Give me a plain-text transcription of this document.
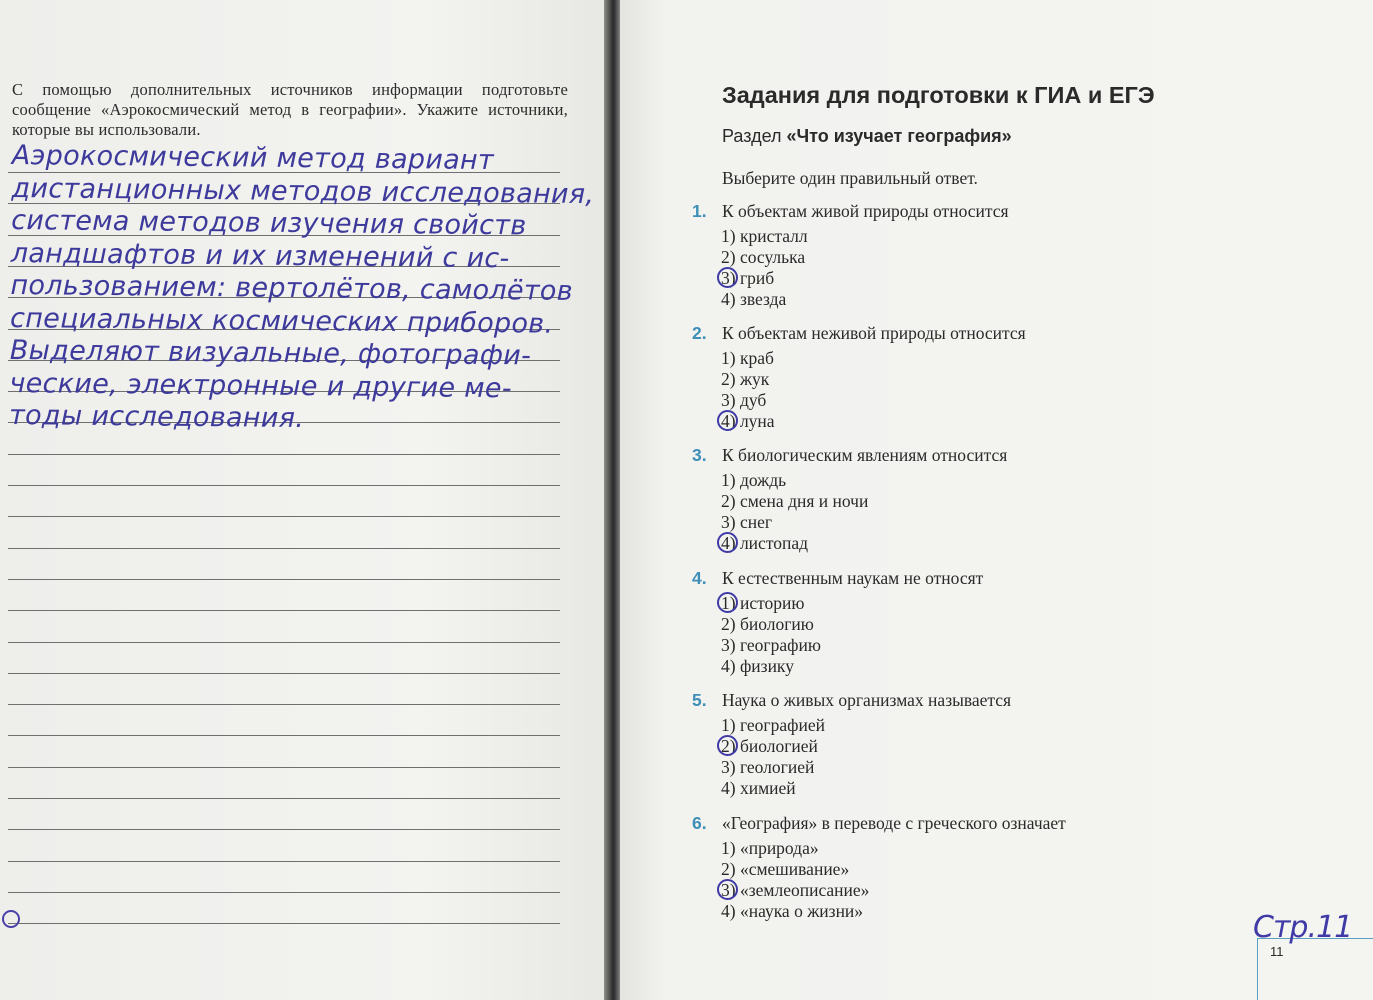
С помощью дополнительных источников информации подготовьте сообщение «Аэрокосмический метод в географии». Укажите источники, которые вы использовали.
Аэрокосмический метод вариант
дистанционных методов исследования,
система методов изучения свойств
ландшафтов и их изменений с ис-
пользованием: вертолётов, самолётов
специальных космических приборов.
Выделяют визуальные, фотографи-
ческие, электронные и другие ме-
тоды исследования.
Задания для подготовки к ГИА и ЕГЭ
Раздел «Что изучает география»
Выберите один правильный ответ.
1. К объектам живой природы относится
1) кристалл
2) сосулька
3) гриб
4) звезда
2. К объектам неживой природы относится
1) краб
2) жук
3) дуб
4) луна
3. К биологическим явлениям относится
1) дождь
2) смена дня и ночи
3) снег
4) листопад
4. К естественным наукам не относят
1) историю
2) биологию
3) географию
4) физику
5. Наука о живых организмах называется
1) географией
2) биологией
3) геологией
4) химией
6. «География» в переводе с греческого означает
1) «природа»
2) «смешивание»
3) «землеописание»
4) «наука о жизни»
11
Стр.11
